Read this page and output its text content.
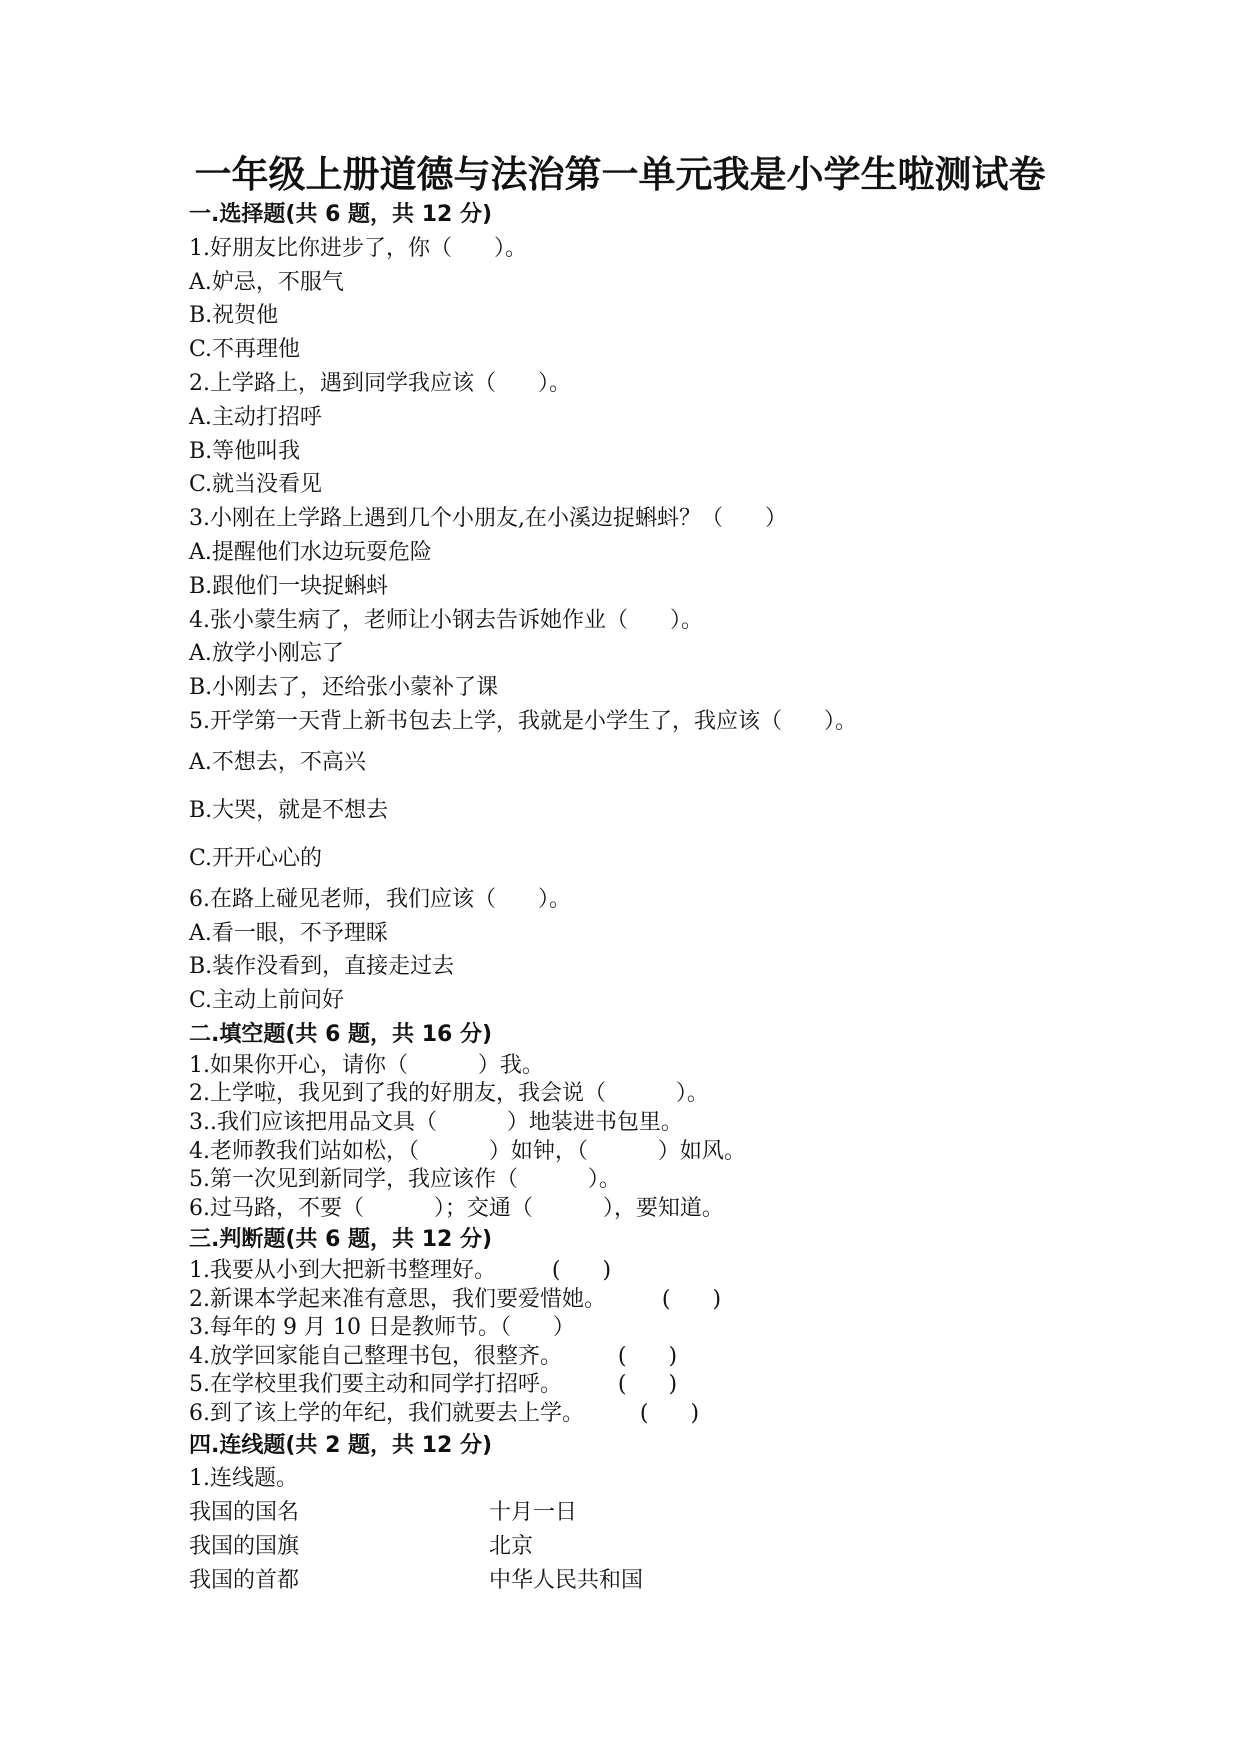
一年级上册道德与法治第一单元我是小学生啦测试卷
一.选择题(共 6 题，共 12 分)
1.好朋友比你进步了，你（      ）。
A.妒忌，不服气
B.祝贺他
C.不再理他
2.上学路上，遇到同学我应该（      ）。
A.主动打招呼
B.等他叫我
C.就当没看见
3.小刚在上学路上遇到几个小朋友,在小溪边捉蝌蚪？（      ）
A.提醒他们水边玩耍危险
B.跟他们一块捉蝌蚪
4.张小蒙生病了，老师让小钢去告诉她作业（      ）。
A.放学小刚忘了
B.小刚去了，还给张小蒙补了课
5.开学第一天背上新书包去上学，我就是小学生了，我应该（      ）。
A.不想去，不高兴
B.大哭，就是不想去
C.开开心心的
6.在路上碰见老师，我们应该（      ）。
A.看一眼，不予理睬
B.装作没看到，直接走过去
C.主动上前问好
二.填空题(共 6 题，共 16 分)
1.如果你开心，请你（          ）我。
2.上学啦，我见到了我的好朋友，我会说（          ）。
3..我们应该把用品文具（          ）地装进书包里。
4.老师教我们站如松，（          ）如钟，（          ）如风。
5.第一次见到新同学，我应该作（          ）。
6.过马路，不要（          ）；交通（          ），要知道。
三.判断题(共 6 题，共 12 分)
1.我要从小到大把新书整理好。        (      )
2.新课本学起来准有意思，我们要爱惜她。        (      )
3.每年的 9 月 10 日是教师节。（      ）
4.放学回家能自己整理书包，很整齐。        (      )
5.在学校里我们要主动和同学打招呼。        (      )
6.到了该上学的年纪，我们就要去上学。        (      )
四.连线题(共 2 题，共 12 分)
1.连线题。
我国的国名	十月一日
我国的国旗	北京
我国的首都	中华人民共和国
